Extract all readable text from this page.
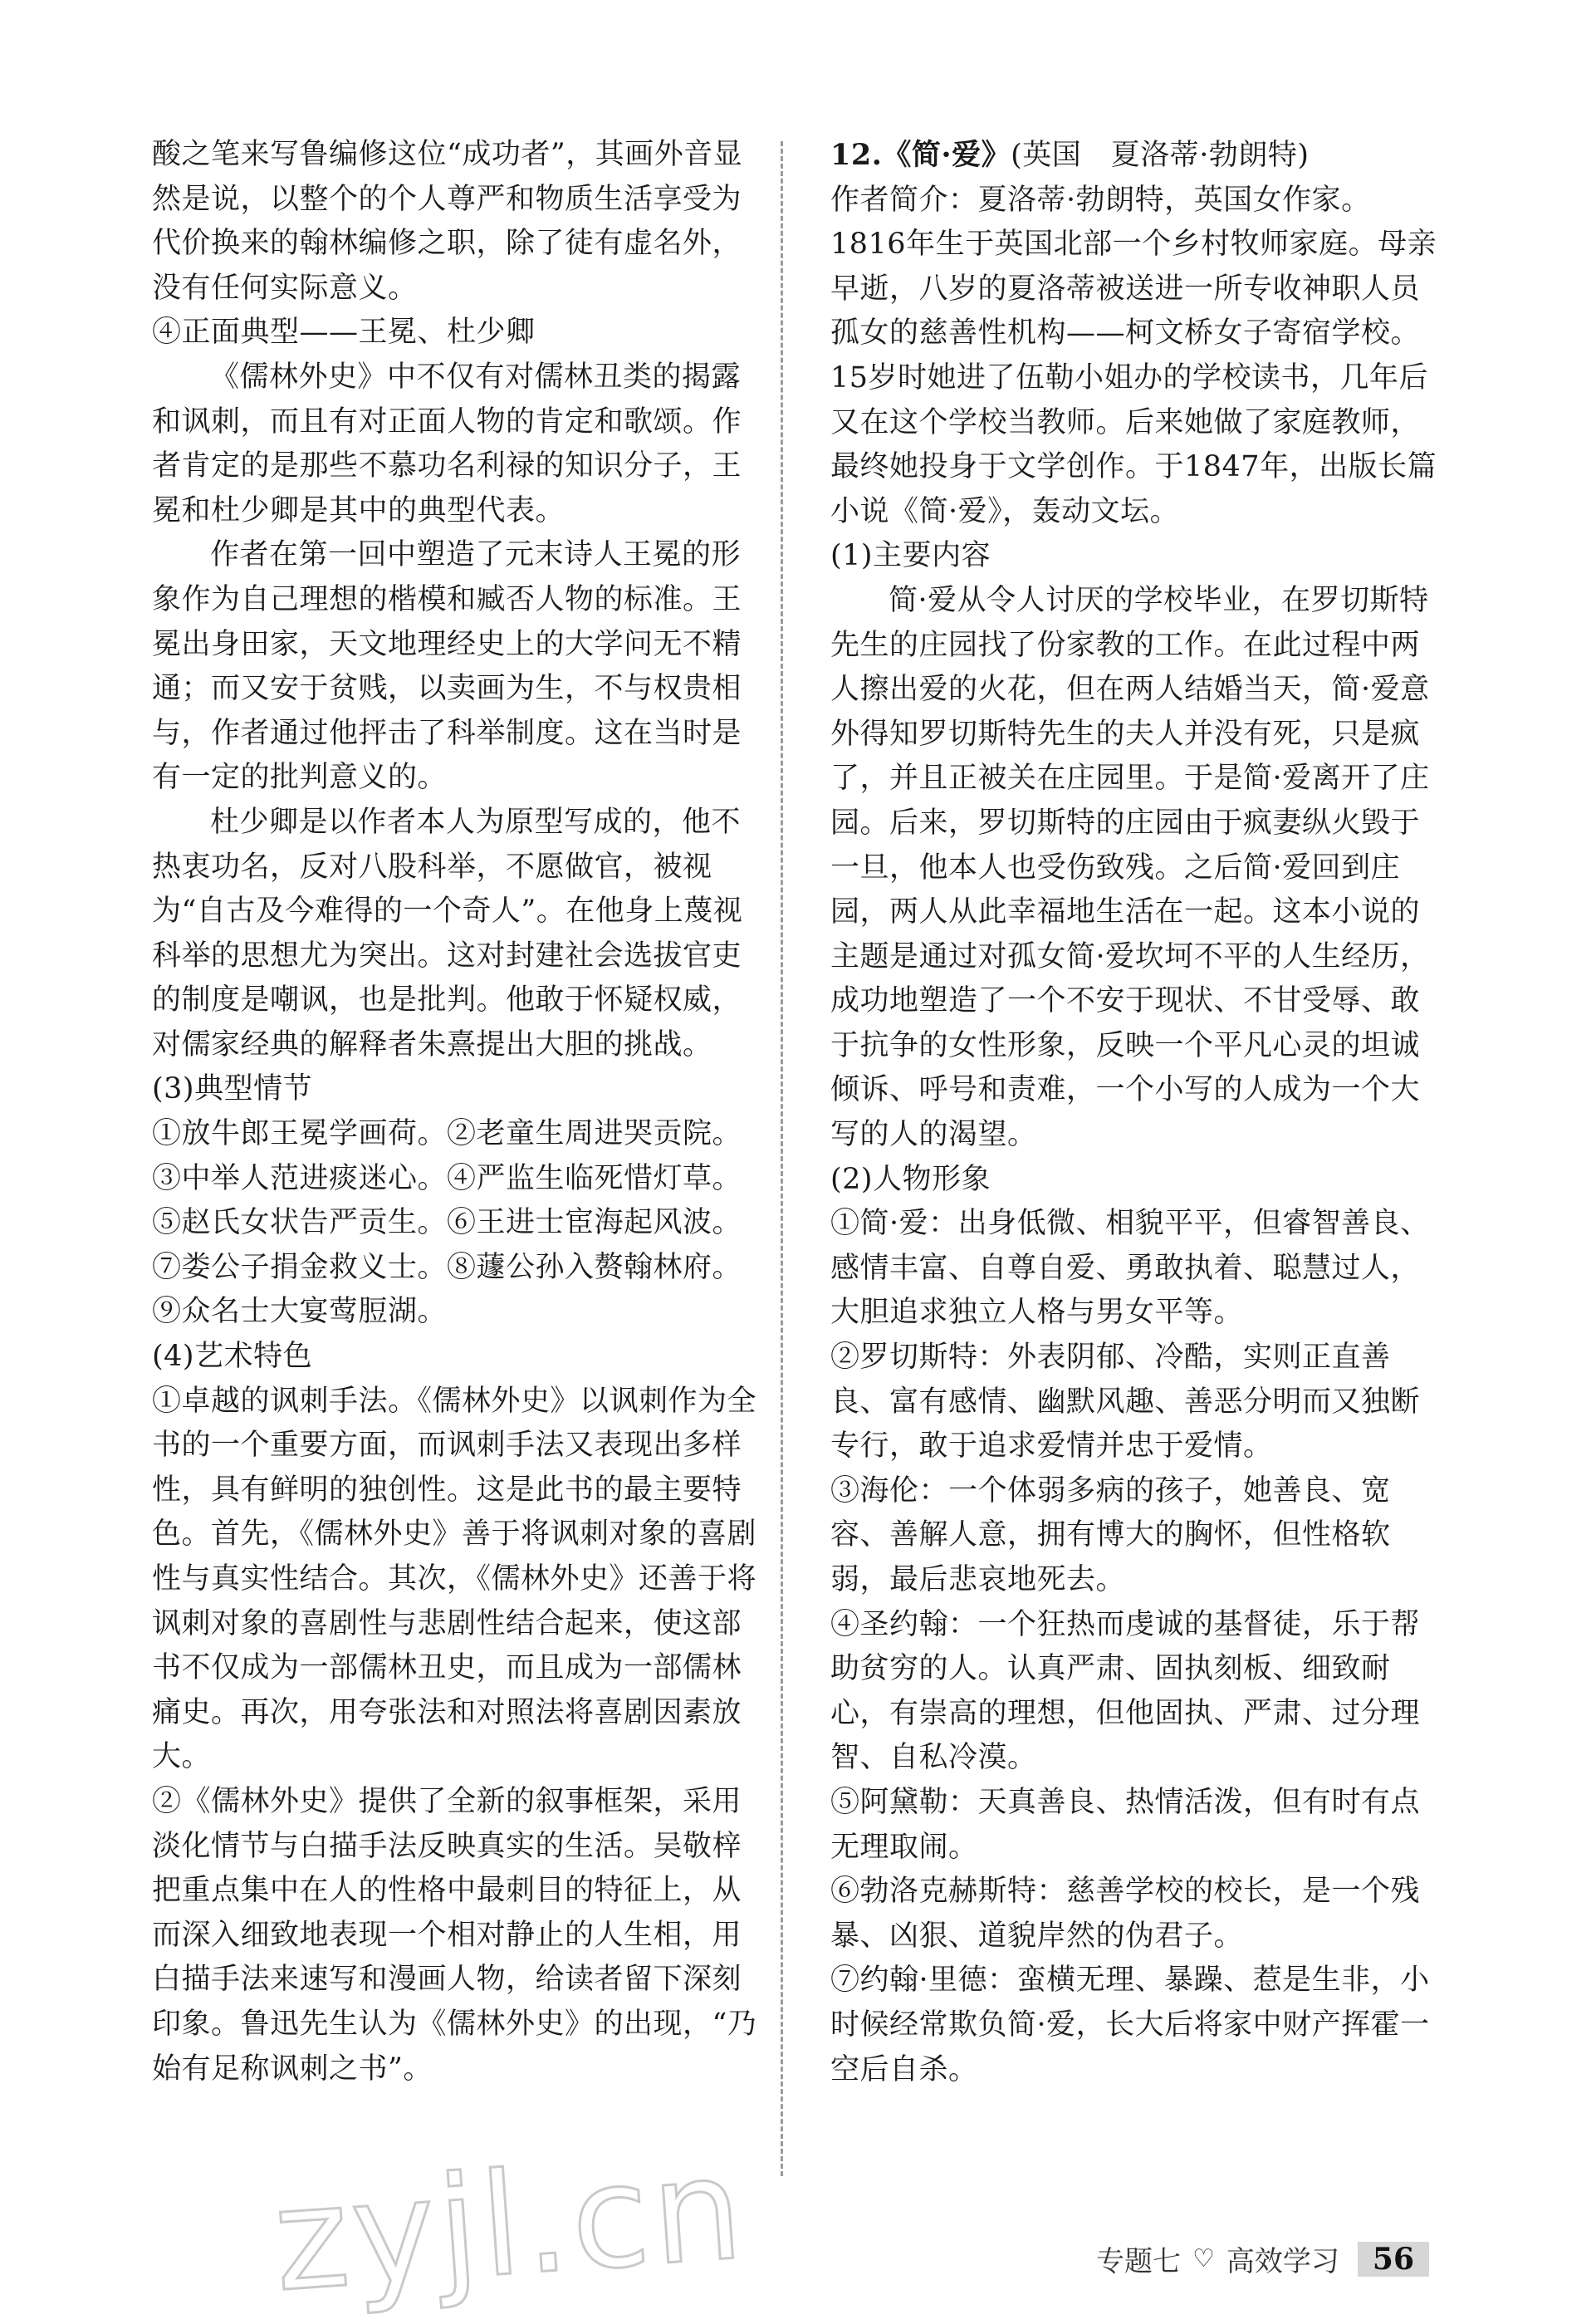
zyjl.cn

酸之笔来写鲁编修这位“成功者”，其画外音显然是说，以整个的个人尊严和物质生活享受为代价换来的翰林编修之职，除了徒有虚名外，没有任何实际意义。

④正面典型——王冕、杜少卿

《儒林外史》中不仅有对儒林丑类的揭露和讽刺，而且有对正面人物的肯定和歌颂。作者肯定的是那些不慕功名利禄的知识分子，王冕和杜少卿是其中的典型代表。

作者在第一回中塑造了元末诗人王冕的形象作为自己理想的楷模和臧否人物的标准。王冕出身田家，天文地理经史上的大学问无不精通；而又安于贫贱，以卖画为生，不与权贵相与，作者通过他抨击了科举制度。这在当时是有一定的批判意义的。

杜少卿是以作者本人为原型写成的，他不热衷功名，反对八股科举，不愿做官，被视为“自古及今难得的一个奇人”。在他身上蔑视科举的思想尤为突出。这对封建社会选拔官吏的制度是嘲讽，也是批判。他敢于怀疑权威，对儒家经典的解释者朱熹提出大胆的挑战。

(3)典型情节

①放牛郎王冕学画荷。②老童生周进哭贡院。

③中举人范进痰迷心。④严监生临死惜灯草。

⑤赵氏女状告严贡生。⑥王进士宦海起风波。

⑦娄公子捐金救义士。⑧蘧公孙入赘翰林府。

⑨众名士大宴莺脰湖。

(4)艺术特色

①卓越的讽刺手法。《儒林外史》以讽刺作为全书的一个重要方面，而讽刺手法又表现出多样性，具有鲜明的独创性。这是此书的最主要特色。首先，《儒林外史》善于将讽刺对象的喜剧性与真实性结合。其次，《儒林外史》还善于将讽刺对象的喜剧性与悲剧性结合起来，使这部书不仅成为一部儒林丑史，而且成为一部儒林痛史。再次，用夸张法和对照法将喜剧因素放大。

②《儒林外史》提供了全新的叙事框架，采用淡化情节与白描手法反映真实的生活。吴敬梓把重点集中在人的性格中最刺目的特征上，从而深入细致地表现一个相对静止的人生相，用白描手法来速写和漫画人物，给读者留下深刻印象。鲁迅先生认为《儒林外史》的出现，“乃始有足称讽刺之书”。

12.《简·爱》(英国　夏洛蒂·勃朗特)

作者简介：夏洛蒂·勃朗特，英国女作家。1816年生于英国北部一个乡村牧师家庭。母亲早逝，八岁的夏洛蒂被送进一所专收神职人员孤女的慈善性机构——柯文桥女子寄宿学校。15岁时她进了伍勒小姐办的学校读书，几年后又在这个学校当教师。后来她做了家庭教师，最终她投身于文学创作。于1847年，出版长篇小说《简·爱》，轰动文坛。

(1)主要内容

简·爱从令人讨厌的学校毕业，在罗切斯特先生的庄园找了份家教的工作。在此过程中两人擦出爱的火花，但在两人结婚当天，简·爱意外得知罗切斯特先生的夫人并没有死，只是疯了，并且正被关在庄园里。于是简·爱离开了庄园。后来，罗切斯特的庄园由于疯妻纵火毁于一旦，他本人也受伤致残。之后简·爱回到庄园，两人从此幸福地生活在一起。这本小说的主题是通过对孤女简·爱坎坷不平的人生经历，成功地塑造了一个不安于现状、不甘受辱、敢于抗争的女性形象，反映一个平凡心灵的坦诚倾诉、呼号和责难，一个小写的人成为一个大写的人的渴望。

(2)人物形象

①简·爱：出身低微、相貌平平，但睿智善良、感情丰富、自尊自爱、勇敢执着、聪慧过人，大胆追求独立人格与男女平等。

②罗切斯特：外表阴郁、冷酷，实则正直善良、富有感情、幽默风趣、善恶分明而又独断专行，敢于追求爱情并忠于爱情。

③海伦：一个体弱多病的孩子，她善良、宽容、善解人意，拥有博大的胸怀，但性格软弱，最后悲哀地死去。

④圣约翰：一个狂热而虔诚的基督徒，乐于帮助贫穷的人。认真严肃、固执刻板、细致耐心，有崇高的理想，但他固执、严肃、过分理智、自私冷漠。

⑤阿黛勒：天真善良、热情活泼，但有时有点无理取闹。

⑥勃洛克赫斯特：慈善学校的校长，是一个残暴、凶狠、道貌岸然的伪君子。

⑦约翰·里德：蛮横无理、暴躁、惹是生非，小时候经常欺负简·爱，长大后将家中财产挥霍一空后自杀。

专题七 ♡ 高效学习	56
